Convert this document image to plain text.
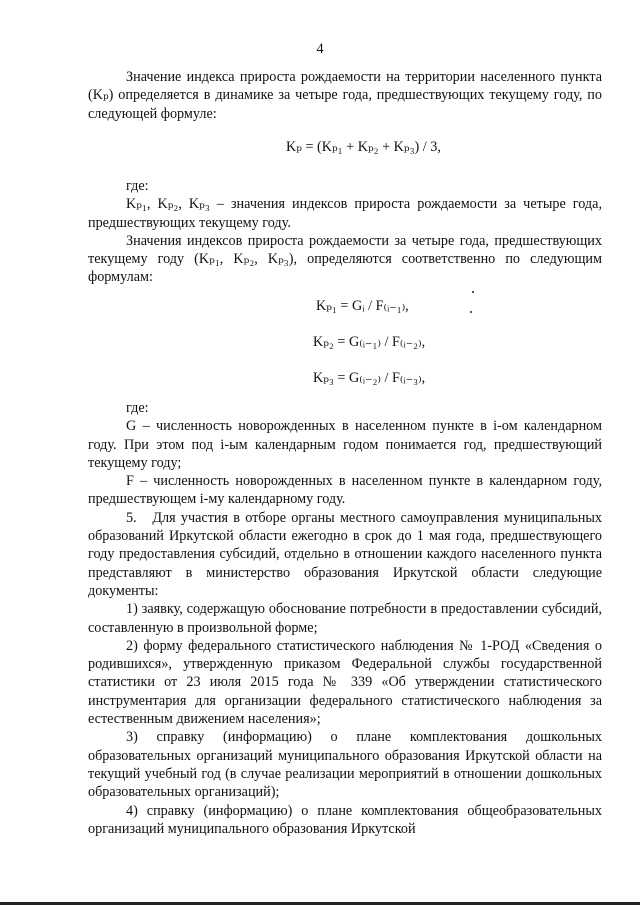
4

Значение индекса прироста рождаемости на территории населенного пункта (Kₚ) определяется в динамике за четыре года, предшествующих текущему году, по следующей формуле:

Kₚ = (Kₚ₁ + Kₚ₂ + Kₚ₃) / 3,

где:

Kₚ₁, Kₚ₂, Kₚ₃ – значения индексов прироста рождаемости за четыре года, предшествующих текущему году.

Значения индексов прироста рождаемости за четыре года, предшествующих текущему году (Kₚ₁, Kₚ₂, Kₚ₃), определяются соответственно по следующим формулам:

Kₚ₁ = Gᵢ / F₍ᵢ₋₁₎,
Kₚ₂ = G₍ᵢ₋₁₎ / F₍ᵢ₋₂₎,
Kₚ₃ = G₍ᵢ₋₂₎ / F₍ᵢ₋₃₎,

где:

G – численность новорожденных в населенном пункте в i-ом календарном году. При этом под i-ым календарным годом понимается год, предшествующий текущему году;

F – численность новорожденных в населенном пункте в календарном году, предшествующем i-му календарному году.

5.   Для участия в отборе органы местного самоуправления муниципальных образований Иркутской области ежегодно в срок до 1 мая года, предшествующего году предоставления субсидий, отдельно в отношении каждого населенного пункта представляют в министерство образования Иркутской области следующие документы:

1) заявку, содержащую обоснование потребности в предоставлении субсидий, составленную в произвольной форме;

2) форму федерального статистического наблюдения № 1-РОД «Сведения о родившихся», утвержденную приказом Федеральной службы государственной статистики от 23 июля 2015 года № 339 «Об утверждении статистического инструментария для организации федерального статистического наблюдения за естественным движением населения»;

3) справку (информацию) о плане комплектования дошкольных образовательных организаций муниципального образования Иркутской области на текущий учебный год (в случае реализации мероприятий в отношении дошкольных образовательных организаций);

4) справку (информацию) о плане комплектования общеобразовательных организаций муниципального образования Иркутской
